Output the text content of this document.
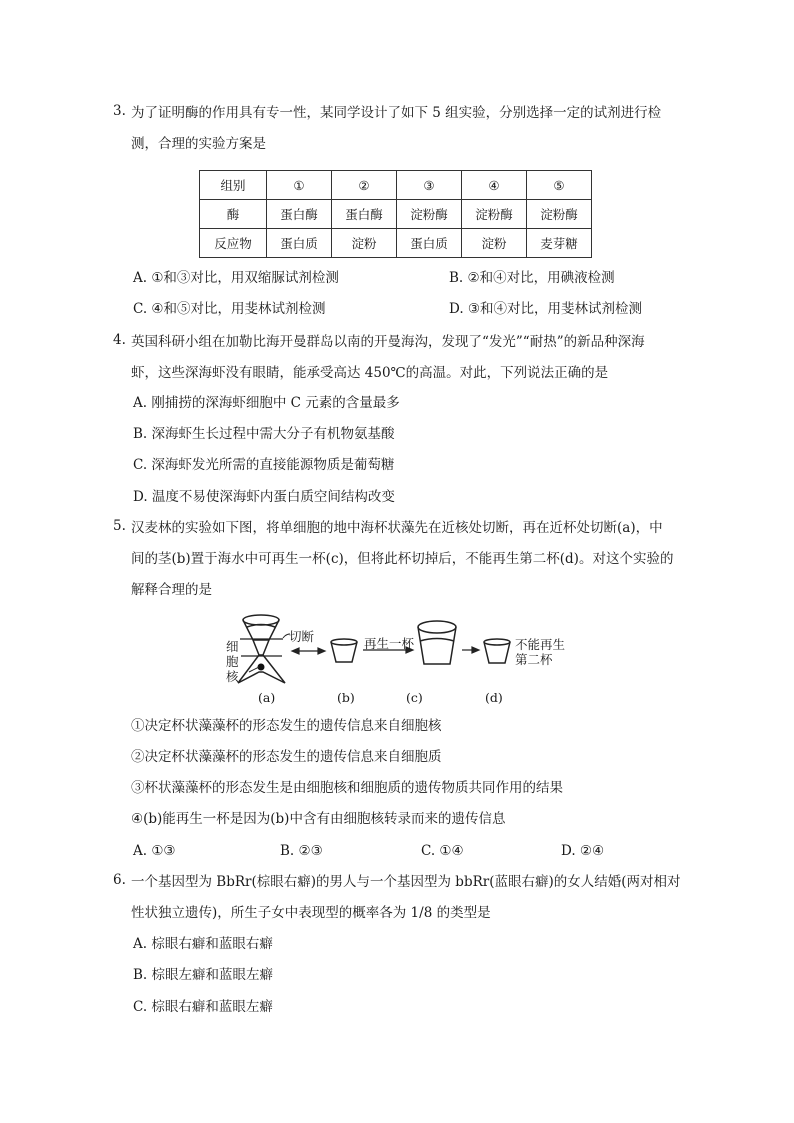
3. 为了证明酶的作用具有专一性，某同学设计了如下 5 组实验，分别选择一定的试剂进行检
测，合理的实验方案是
组别	①	②	③	④	⑤
酶	蛋白酶	蛋白酶	淀粉酶	淀粉酶	淀粉酶
反应物	蛋白质	淀粉	蛋白质	淀粉	麦芽糖
A. ①和③对比，用双缩脲试剂检测	B. ②和④对比，用碘液检测
C. ④和⑤对比，用斐林试剂检测	D. ③和④对比，用斐林试剂检测
4. 英国科研小组在加勒比海开曼群岛以南的开曼海沟，发现了“发光”“耐热”的新品种深海
虾，这些深海虾没有眼睛，能承受高达 450℃的高温。对此，下列说法正确的是
A. 刚捕捞的深海虾细胞中 C 元素的含量最多
B. 深海虾生长过程中需大分子有机物氨基酸
C. 深海虾发光所需的直接能源物质是葡萄糖
D. 温度不易使深海虾内蛋白质空间结构改变
5. 汉麦林的实验如下图，将单细胞的地中海杯状藻先在近核处切断，再在近杯处切断(a)，中
间的茎(b)置于海水中可再生一杯(c)，但将此杯切掉后，不能再生第二杯(d)。对这个实验的
解释合理的是
切断
细
胞
核
再生一杯	不能再生
第二杯
(a)	(b)	(c)	(d)
①决定杯状藻藻杯的形态发生的遗传信息来自细胞核
②决定杯状藻藻杯的形态发生的遗传信息来自细胞质
③杯状藻藻杯的形态发生是由细胞核和细胞质的遗传物质共同作用的结果
④(b)能再生一杯是因为(b)中含有由细胞核转录而来的遗传信息
A. ①③	B. ②③	C. ①④	D. ②④
6. 一个基因型为 BbRr(棕眼右癖)的男人与一个基因型为 bbRr(蓝眼右癖)的女人结婚(两对相对
性状独立遗传)，所生子女中表现型的概率各为 1/8 的类型是
A. 棕眼右癖和蓝眼右癖
B. 棕眼左癖和蓝眼左癖
C. 棕眼右癖和蓝眼左癖
